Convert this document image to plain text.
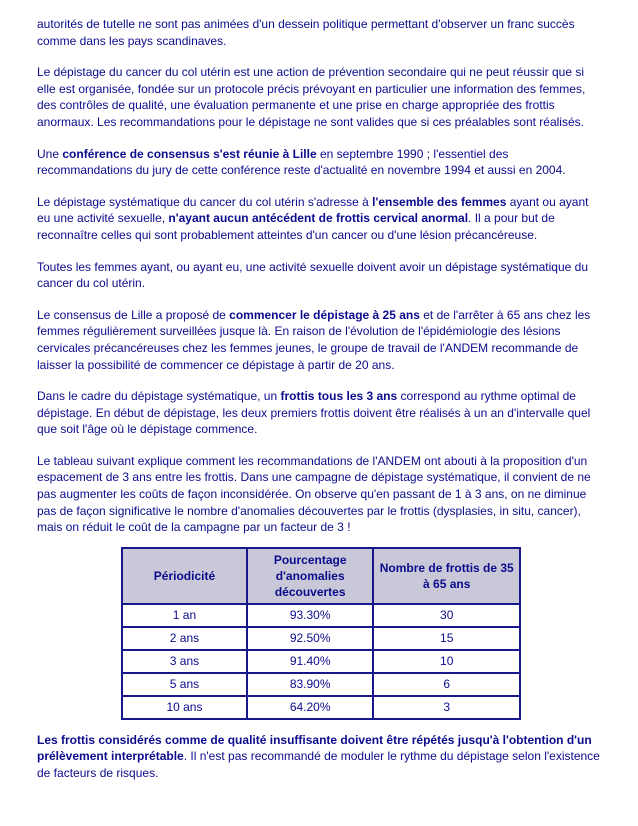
autorités de tutelle ne sont pas animées d'un dessein politique permettant d'observer un franc succès comme dans les pays scandinaves.

Le dépistage du cancer du col utérin est une action de prévention secondaire qui ne peut réussir que si elle est organisée, fondée sur un protocole précis prévoyant en particulier une information des femmes, des contrôles de qualité, une évaluation permanente et une prise en charge appropriée des frottis anormaux. Les recommandations pour le dépistage ne sont valides que si ces préalables sont réalisés.

Une conférence de consensus s'est réunie à Lille en septembre 1990 ; l'essentiel des recommandations du jury de cette conférence reste d'actualité en novembre 1994 et aussi en 2004.

Le dépistage systématique du cancer du col utérin s'adresse à l'ensemble des femmes ayant ou ayant eu une activité sexuelle, n'ayant aucun antécédent de frottis cervical anormal. Il a pour but de reconnaître celles qui sont probablement atteintes d'un cancer ou d'une lésion précancéreuse.

Toutes les femmes ayant, ou ayant eu, une activité sexuelle doivent avoir un dépistage systématique du cancer du col utérin.

Le consensus de Lille a proposé de commencer le dépistage à 25 ans et de l'arrêter à 65 ans chez les femmes régulièrement surveillées jusque là. En raison de l'évolution de l'épidémiologie des lésions cervicales précancéreuses chez les femmes jeunes, le groupe de travail de l'ANDEM recommande de laisser la possibilité de commencer ce dépistage à partir de 20 ans.

Dans le cadre du dépistage systématique, un frottis tous les 3 ans correspond au rythme optimal de dépistage. En début de dépistage, les deux premiers frottis doivent être réalisés à un an d'intervalle quel que soit l'âge où le dépistage commence.

Le tableau suivant explique comment les recommandations de l'ANDEM ont abouti à la proposition d'un espacement de 3 ans entre les frottis. Dans une campagne de dépistage systématique, il convient de ne pas augmenter les coûts de façon inconsidérée. On observe qu'en passant de 1 à 3 ans, on ne diminue pas de façon significative le nombre d'anomalies découvertes par le frottis (dysplasies, in situ, cancer), mais on réduit le coût de la campagne par un facteur de 3 !

Périodicité	Pourcentage d'anomalies découvertes	Nombre de frottis de 35 à 65 ans
1 an	93.30%	30
2 ans	92.50%	15
3 ans	91.40%	10
5 ans	83.90%	6
10 ans	64.20%	3

Les frottis considérés comme de qualité insuffisante doivent être répétés jusqu'à l'obtention d'un prélèvement interprétable. Il n'est pas recommandé de moduler le rythme du dépistage selon l'existence de facteurs de risques.
